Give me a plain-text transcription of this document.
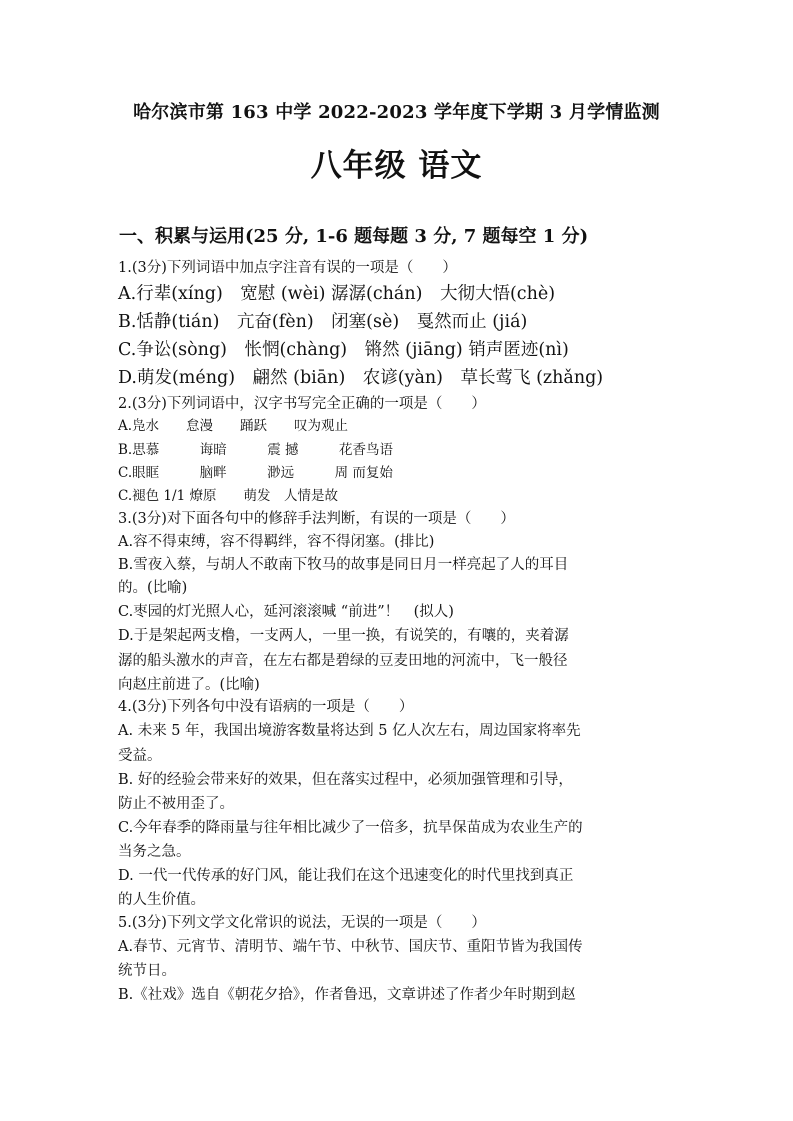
哈尔滨市第 163 中学 2022-2023 学年度下学期 3 月学情监测
八年级 语文
一、积累与运用(25 分, 1-6 题每题 3 分, 7 题每空 1 分)
1.(3分)下列词语中加点字注音有误的一项是（　　）
A.行辈(xíng)　宽慰 (wèi) 潺潺(chán)　大彻大悟(chè)
B.恬静(tián)　亢奋(fèn)　闭塞(sè)　戛然而止 (jiá)
C.争讼(sòng)　怅惘(chàng)　锵然 (jiāng) 销声匿迹(nì)
D.萌发(méng)　翩然 (biān)　农谚(yàn)　草长莺飞 (zhǎng)
2.(3分)下列词语中，汉字书写完全正确的一项是（　　）
A.凫水　　怠漫　　踊跃　　叹为观止
B.思慕　　　诲暗　　　震 撼　　　花香鸟语
C.眼眶　　　脑畔　　　渺远　　　周 而复始
C.褪色 1/1 燎原　　萌发　人情是故
3.(3分)对下面各句中的修辞手法判断，有误的一项是（　　）
A.容不得束缚，容不得羁绊，容不得闭塞。(排比)
B.雪夜入蔡，与胡人不敢南下牧马的故事是同日月一样亮起了人的耳目
的。(比喻)
C.枣园的灯光照人心，延河滚滚喊 “前进”！　(拟人)
D.于是架起两支橹，一支两人，一里一换，有说笑的，有嚷的，夹着潺
潺的船头激水的声音，在左右都是碧绿的豆麦田地的河流中，飞一般径
向赵庄前进了。(比喻)
4.(3分)下列各句中没有语病的一项是（　　）
A. 未来 5 年，我国出境游客数量将达到 5 亿人次左右，周边国家将率先
受益。
B. 好的经验会带来好的效果，但在落实过程中，必须加强管理和引导，
防止不被用歪了。
C.今年春季的降雨量与往年相比减少了一倍多，抗旱保苗成为农业生产的
当务之急。
D. 一代一代传承的好门风，能让我们在这个迅速变化的时代里找到真正
的人生价值。
5.(3分)下列文学文化常识的说法，无误的一项是（　　）
A.春节、元宵节、清明节、端午节、中秋节、国庆节、重阳节皆为我国传
统节日。
B.《社戏》选自《朝花夕拾》，作者鲁迅，文章讲述了作者少年时期到赵
